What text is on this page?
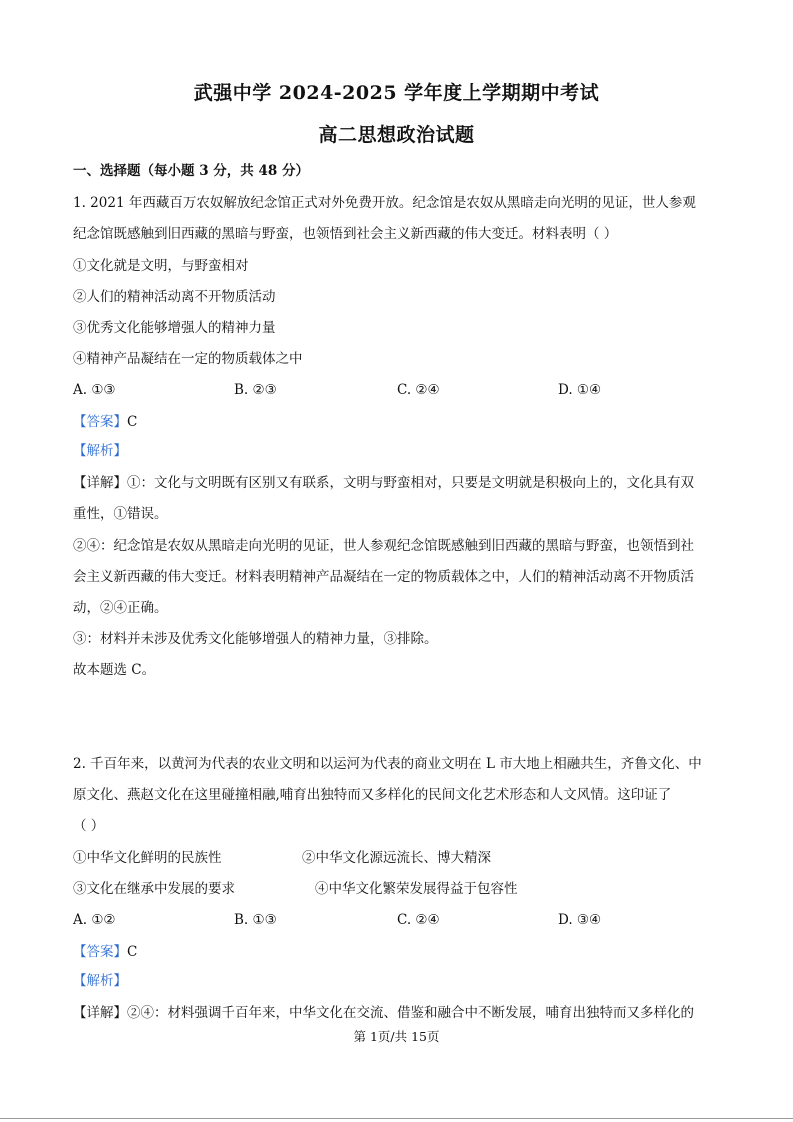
武强中学 2024-2025 学年度上学期期中考试
高二思想政治试题
一、选择题（每小题 3 分，共 48 分）
1. 2021 年西藏百万农奴解放纪念馆正式对外免费开放。纪念馆是农奴从黑暗走向光明的见证，世人参观
纪念馆既感触到旧西藏的黑暗与野蛮，也领悟到社会主义新西藏的伟大变迁。材料表明（ ）
①文化就是文明，与野蛮相对
②人们的精神活动离不开物质活动
③优秀文化能够增强人的精神力量
④精神产品凝结在一定的物质载体之中
A. ①③	B. ②③	C. ②④	D. ①④
【答案】C
【解析】
【详解】①：文化与文明既有区别又有联系，文明与野蛮相对，只要是文明就是积极向上的，文化具有双
重性，①错误。
②④：纪念馆是农奴从黑暗走向光明的见证，世人参观纪念馆既感触到旧西藏的黑暗与野蛮，也领悟到社
会主义新西藏的伟大变迁。材料表明精神产品凝结在一定的物质载体之中，人们的精神活动离不开物质活
动，②④正确。
③：材料并未涉及优秀文化能够增强人的精神力量，③排除。
故本题选 C。
2. 千百年来，以黄河为代表的农业文明和以运河为代表的商业文明在 L 市大地上相融共生，齐鲁文化、中
原文化、燕赵文化在这里碰撞相融,哺育出独特而又多样化的民间文化艺术形态和人文风情。这印证了
（ ）
①中华文化鲜明的民族性	②中华文化源远流长、博大精深
③文化在继承中发展的要求	④中华文化繁荣发展得益于包容性
A. ①②	B. ①③	C. ②④	D. ③④
【答案】C
【解析】
【详解】②④：材料强调千百年来，中华文化在交流、借鉴和融合中不断发展，哺育出独特而又多样化的
第 1页/共 15页
